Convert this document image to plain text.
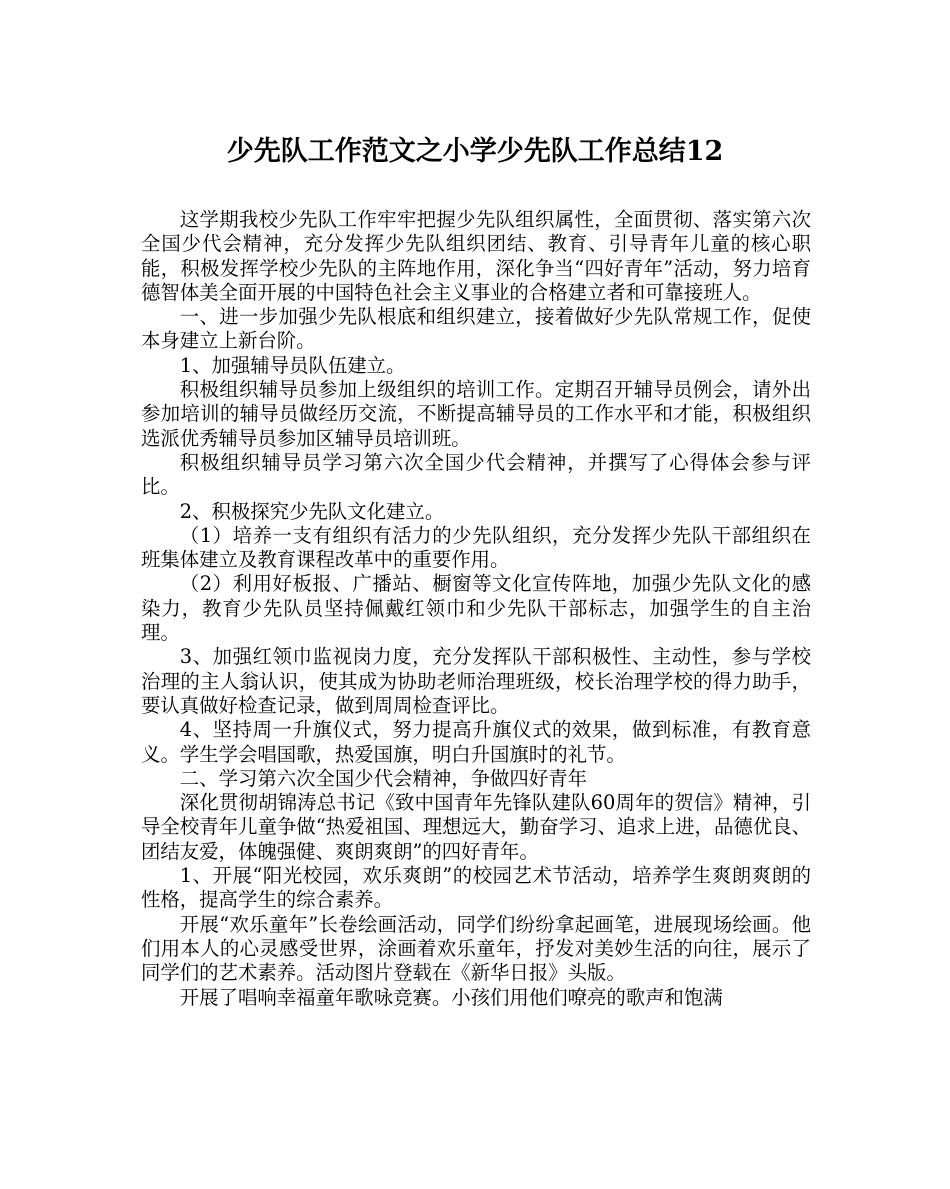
少先队工作范文之小学少先队工作总结12

这学期我校少先队工作牢牢把握少先队组织属性，全面贯彻、落实第六次全国少代会精神，充分发挥少先队组织团结、教育、引导青年儿童的核心职能，积极发挥学校少先队的主阵地作用，深化争当“四好青年”活动，努力培育德智体美全面开展的中国特色社会主义事业的合格建立者和可靠接班人。

一、进一步加强少先队根底和组织建立，接着做好少先队常规工作，促使本身建立上新台阶。

1、加强辅导员队伍建立。

积极组织辅导员参加上级组织的培训工作。定期召开辅导员例会，请外出参加培训的辅导员做经历交流，不断提高辅导员的工作水平和才能，积极组织选派优秀辅导员参加区辅导员培训班。

积极组织辅导员学习第六次全国少代会精神，并撰写了心得体会参与评比。

2、积极探究少先队文化建立。

（1）培养一支有组织有活力的少先队组织，充分发挥少先队干部组织在班集体建立及教育课程改革中的重要作用。

（2）利用好板报、广播站、橱窗等文化宣传阵地，加强少先队文化的感染力，教育少先队员坚持佩戴红领巾和少先队干部标志，加强学生的自主治理。

3、加强红领巾监视岗力度，充分发挥队干部积极性、主动性，参与学校治理的主人翁认识，使其成为协助老师治理班级，校长治理学校的得力助手，要认真做好检查记录，做到周周检查评比。

4、坚持周一升旗仪式，努力提高升旗仪式的效果，做到标准，有教育意义。学生学会唱国歌，热爱国旗，明白升国旗时的礼节。

二、学习第六次全国少代会精神，争做四好青年

深化贯彻胡锦涛总书记《致中国青年先锋队建队60周年的贺信》精神，引导全校青年儿童争做“热爱祖国、理想远大，勤奋学习、追求上进，品德优良、团结友爱，体魄强健、爽朗爽朗”的四好青年。

1、开展“阳光校园，欢乐爽朗”的校园艺术节活动，培养学生爽朗爽朗的性格，提高学生的综合素养。

开展“欢乐童年”长卷绘画活动，同学们纷纷拿起画笔，进展现场绘画。他们用本人的心灵感受世界，涂画着欢乐童年，抒发对美妙生活的向往，展示了同学们的艺术素养。活动图片登载在《新华日报》头版。

开展了唱响幸福童年歌咏竞赛。小孩们用他们嘹亮的歌声和饱满
